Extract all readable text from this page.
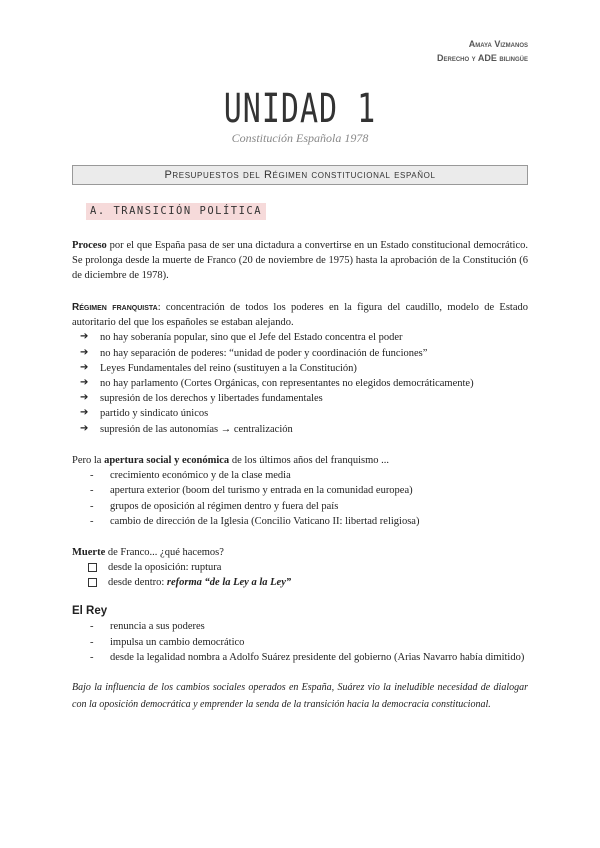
Amaya Vizmanos
Derecho y ADE bilingüe
UNIDAD 1
Constitución Española 1978
Presupuestos del Régimen constitucional español
A. TRANSICIÓN POLÍTICA

Proceso por el que España pasa de ser una dictadura a convertirse en un Estado constitucional democrático. Se prolonga desde la muerte de Franco (20 de noviembre de 1975) hasta la aprobación de la Constitución (6 de diciembre de 1978).

Régimen franquista: concentración de todos los poderes en la figura del caudillo, modelo de Estado autoritario del que los españoles se estaban alejando.

➔ no hay soberanía popular, sino que el Jefe del Estado concentra el poder
➔ no hay separación de poderes: “unidad de poder y coordinación de funciones”
➔ Leyes Fundamentales del reino (sustituyen a la Constitución)
➔ no hay parlamento (Cortes Orgánicas, con representantes no elegidos democráticamente)
➔ supresión de los derechos y libertades fundamentales
➔ partido y sindicato únicos
➔ supresión de las autonomías → centralización

Pero la apertura social y económica de los últimos años del franquismo ...

- crecimiento económico y de la clase media
- apertura exterior (boom del turismo y entrada en la comunidad europea)
- grupos de oposición al régimen dentro y fuera del país
- cambio de dirección de la Iglesia (Concilio Vaticano II: libertad religiosa)

Muerte de Franco... ¿qué hacemos?

desde la oposición: ruptura
desde dentro: reforma “de la Ley a la Ley”

El Rey

- renuncia a sus poderes
- impulsa un cambio democrático
- desde la legalidad nombra a Adolfo Suárez presidente del gobierno (Arias Navarro había dimitido)

Bajo la influencia de los cambios sociales operados en España, Suárez vio la ineludible necesidad de dialogar con la oposición democrática y emprender la senda de la transición hacia la democracia constitucional.
